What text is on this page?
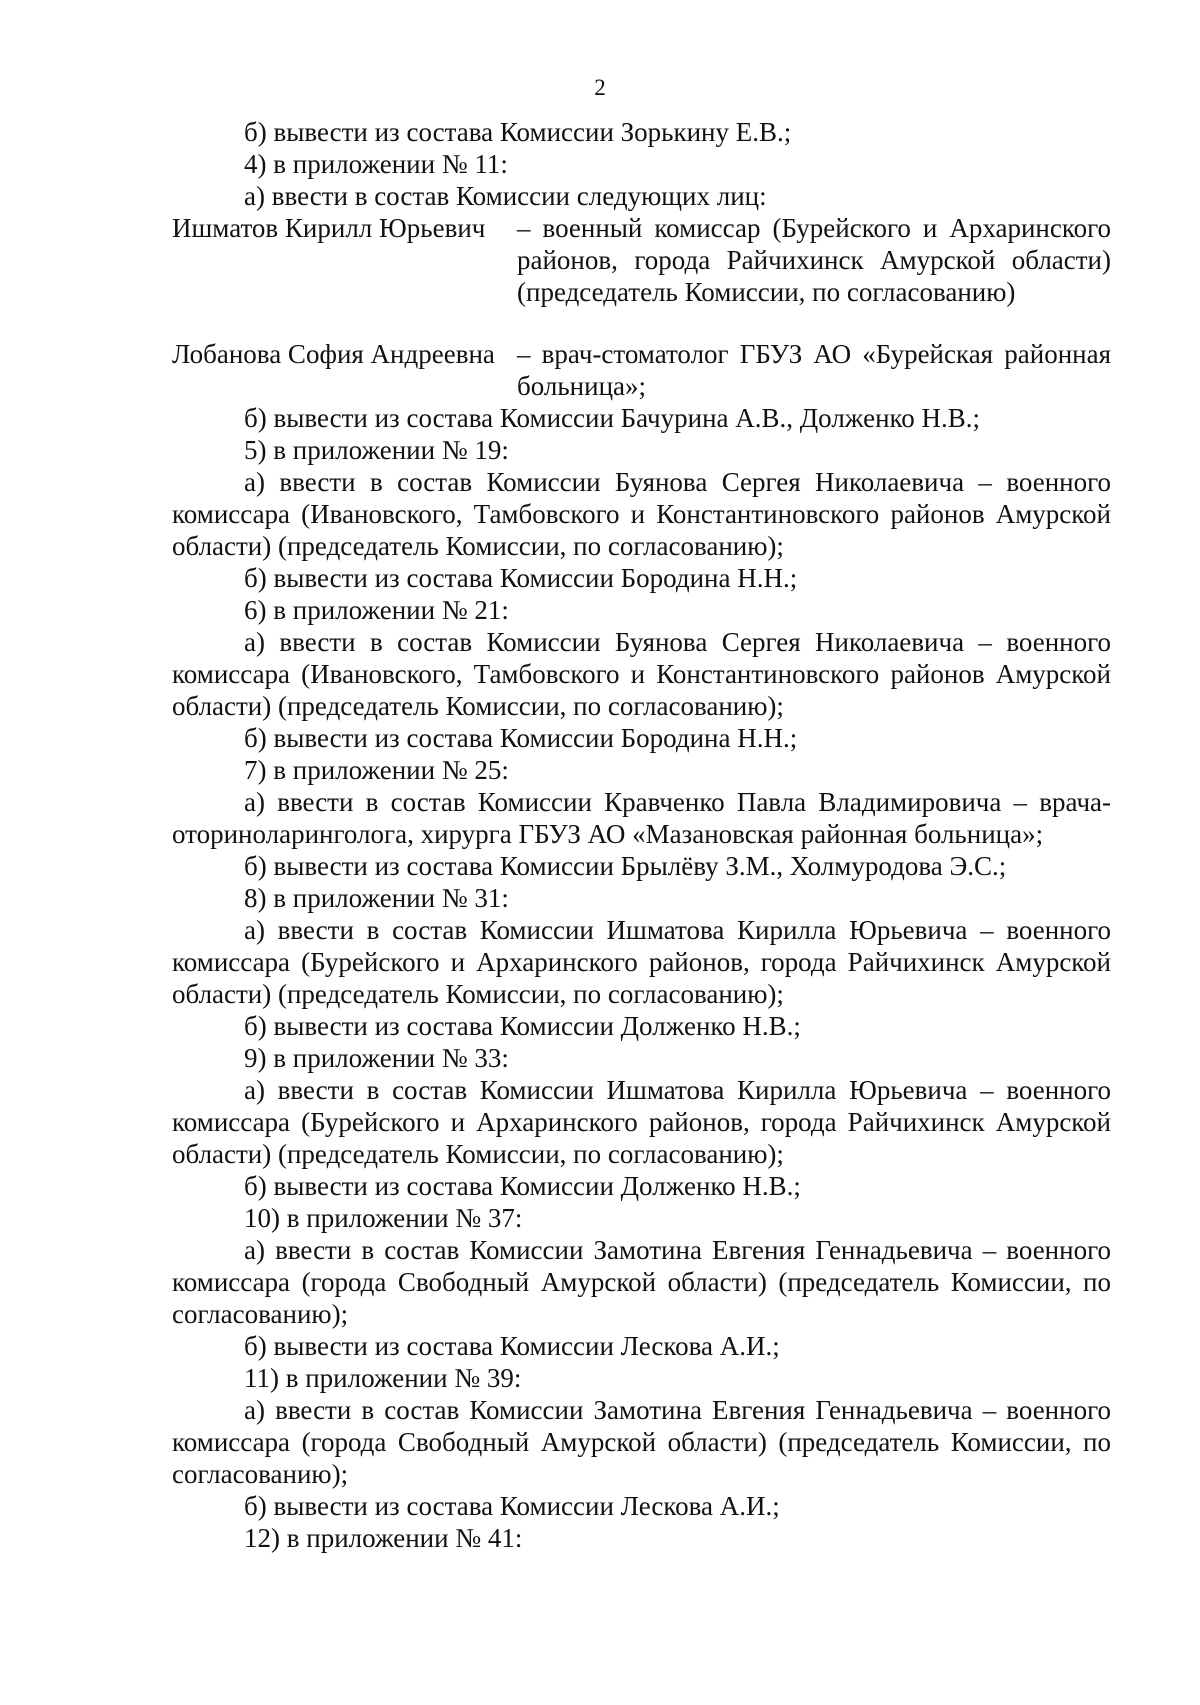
2

б) вывести из состава Комиссии Зорькину Е.В.;

4) в приложении № 11:

а) ввести в состав Комиссии следующих лиц:

Ишматов Кирилл Юрьевич	– военный комиссар (Бурейского и Архаринского районов, города Райчихинск Амурской области) (председатель Комиссии, по согласованию)
Лобанова София Андреевна – врач-стоматолог ГБУЗ АО «Бурейская районная больница»;

б) вывести из состава Комиссии Бачурина А.В., Долженко Н.В.;

5) в приложении № 19:

а) ввести в состав Комиссии Буянова Сергея Николаевича – военного комиссара (Ивановского, Тамбовского и Константиновского районов Амурской области) (председатель Комиссии, по согласованию);

б) вывести из состава Комиссии Бородина Н.Н.;

6) в приложении № 21:

а) ввести в состав Комиссии Буянова Сергея Николаевича – военного комиссара (Ивановского, Тамбовского и Константиновского районов Амурской области) (председатель Комиссии, по согласованию);

б) вывести из состава Комиссии Бородина Н.Н.;

7) в приложении № 25:

а) ввести в состав Комиссии Кравченко Павла Владимировича – врача-оториноларинголога, хирурга ГБУЗ АО «Мазановская районная больница»;

б) вывести из состава Комиссии Брылёву З.М., Холмуродова Э.С.;

8) в приложении № 31:

а) ввести в состав Комиссии Ишматова Кирилла Юрьевича – военного комиссара (Бурейского и Архаринского районов, города Райчихинск Амурской области) (председатель Комиссии, по согласованию);

б) вывести из состава Комиссии Долженко Н.В.;

9) в приложении № 33:

а) ввести в состав Комиссии Ишматова Кирилла Юрьевича – военного комиссара (Бурейского и Архаринского районов, города Райчихинск Амурской области) (председатель Комиссии, по согласованию);

б) вывести из состава Комиссии Долженко Н.В.;

10) в приложении № 37:

а) ввести в состав Комиссии Замотина Евгения Геннадьевича – военного комиссара (города Свободный Амурской области) (председатель Комиссии, по согласованию);

б) вывести из состава Комиссии Лескова А.И.;

11) в приложении № 39:

а) ввести в состав Комиссии Замотина Евгения Геннадьевича – военного комиссара (города Свободный Амурской области) (председатель Комиссии, по согласованию);

б) вывести из состава Комиссии Лескова А.И.;

12) в приложении № 41:
